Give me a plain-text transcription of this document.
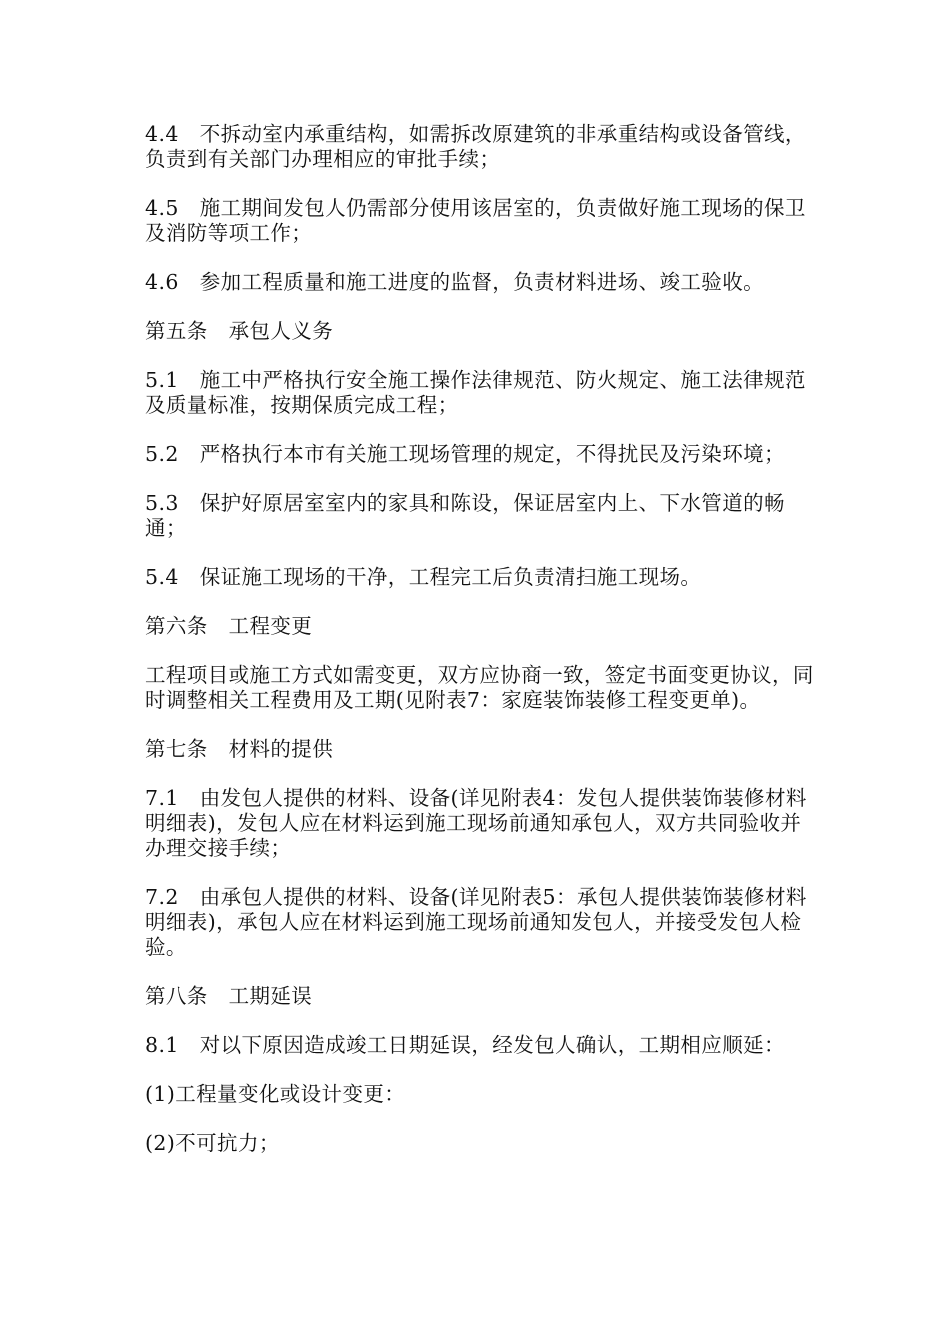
4.4　不拆动室内承重结构，如需拆改原建筑的非承重结构或设备管线，负责到有关部门办理相应的审批手续；

4.5　施工期间发包人仍需部分使用该居室的，负责做好施工现场的保卫及消防等项工作；

4.6　参加工程质量和施工进度的监督，负责材料进场、竣工验收。

第五条　承包人义务

5.1　施工中严格执行安全施工操作法律规范、防火规定、施工法律规范及质量标准，按期保质完成工程；

5.2　严格执行本市有关施工现场管理的规定，不得扰民及污染环境；

5.3　保护好原居室室内的家具和陈设，保证居室内上、下水管道的畅通；

5.4　保证施工现场的干净，工程完工后负责清扫施工现场。

第六条　工程变更

工程项目或施工方式如需变更，双方应协商一致，签定书面变更协议，同时调整相关工程费用及工期(见附表7：家庭装饰装修工程变更单)。

第七条　材料的提供

7.1　由发包人提供的材料、设备(详见附表4：发包人提供装饰装修材料明细表)，发包人应在材料运到施工现场前通知承包人，双方共同验收并办理交接手续；

7.2　由承包人提供的材料、设备(详见附表5：承包人提供装饰装修材料明细表)，承包人应在材料运到施工现场前通知发包人，并接受发包人检验。

第八条　工期延误

8.1　对以下原因造成竣工日期延误，经发包人确认，工期相应顺延：

(1)工程量变化或设计变更：

(2)不可抗力；
